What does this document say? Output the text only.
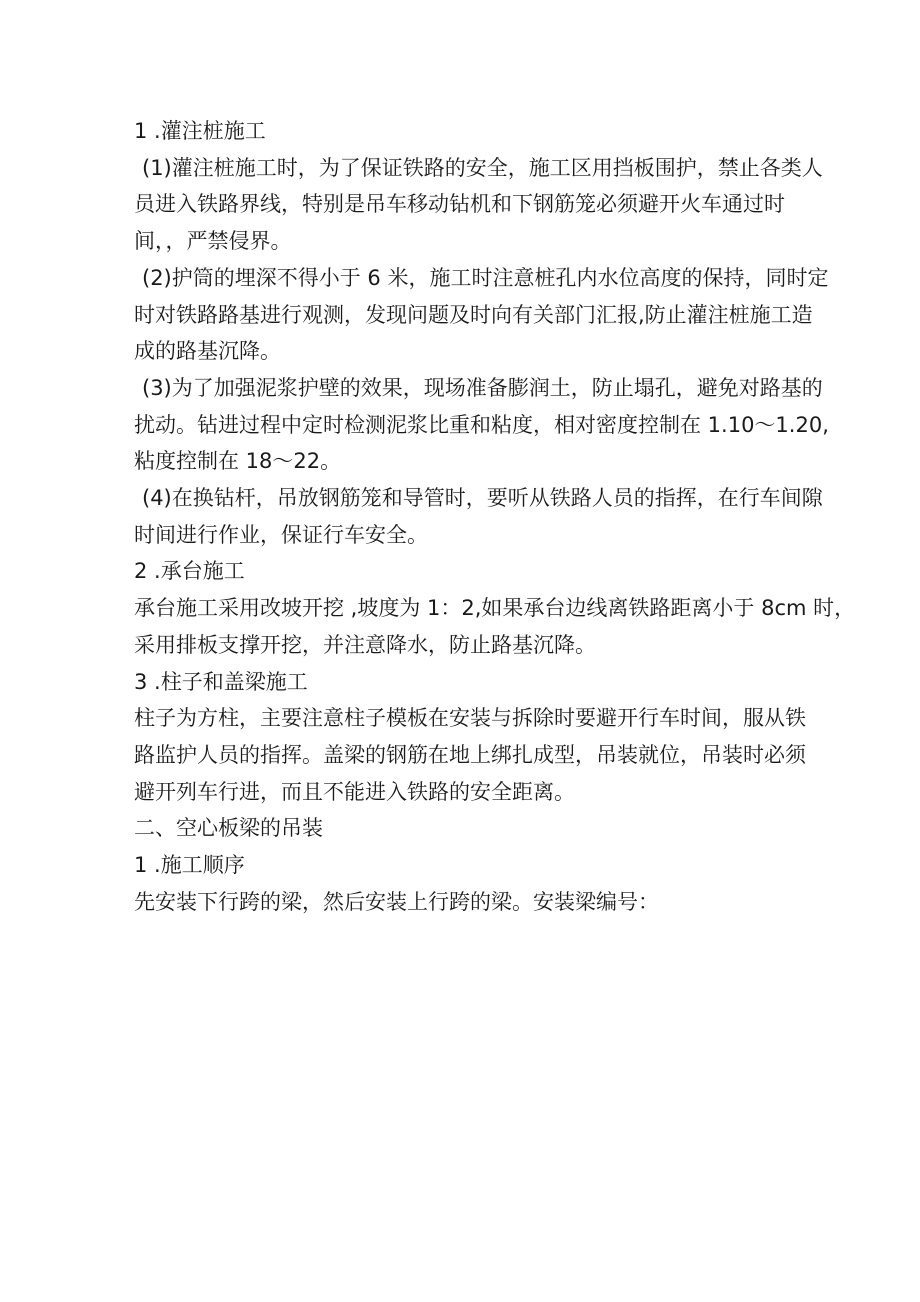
1 .灌注桩施工
(1)灌注桩施工时，为了保证铁路的安全，施工区用挡板围护，禁止各类人
员进入铁路界线，特别是吊车移动钻机和下钢筋笼必须避开火车通过时
间，，严禁侵界。
(2)护筒的埋深不得小于 6 米，施工时注意桩孔内水位高度的保持，同时定
时对铁路路基进行观测，发现问题及时向有关部门汇报,防止灌注桩施工造
成的路基沉降。
(3)为了加强泥浆护壁的效果，现场准备膨润土，防止塌孔，避免对路基的
扰动。钻进过程中定时检测泥浆比重和粘度，相对密度控制在 1.10〜1.20,
粘度控制在 18〜22。
(4)在换钻杆，吊放钢筋笼和导管时，要听从铁路人员的指挥，在行车间隙
时间进行作业，保证行车安全。
2 .承台施工
承台施工采用改坡开挖 ,坡度为 1：2,如果承台边线离铁路距离小于 8cm 时，
采用排板支撑开挖，并注意降水，防止路基沉降。
3 .柱子和盖梁施工
柱子为方柱，主要注意柱子模板在安装与拆除时要避开行车时间，服从铁
路监护人员的指挥。盖梁的钢筋在地上绑扎成型，吊装就位，吊装时必须
避开列车行进，而且不能进入铁路的安全距离。
二、空心板梁的吊装
1 .施工顺序
先安装下行跨的梁，然后安装上行跨的梁。安装梁编号：
